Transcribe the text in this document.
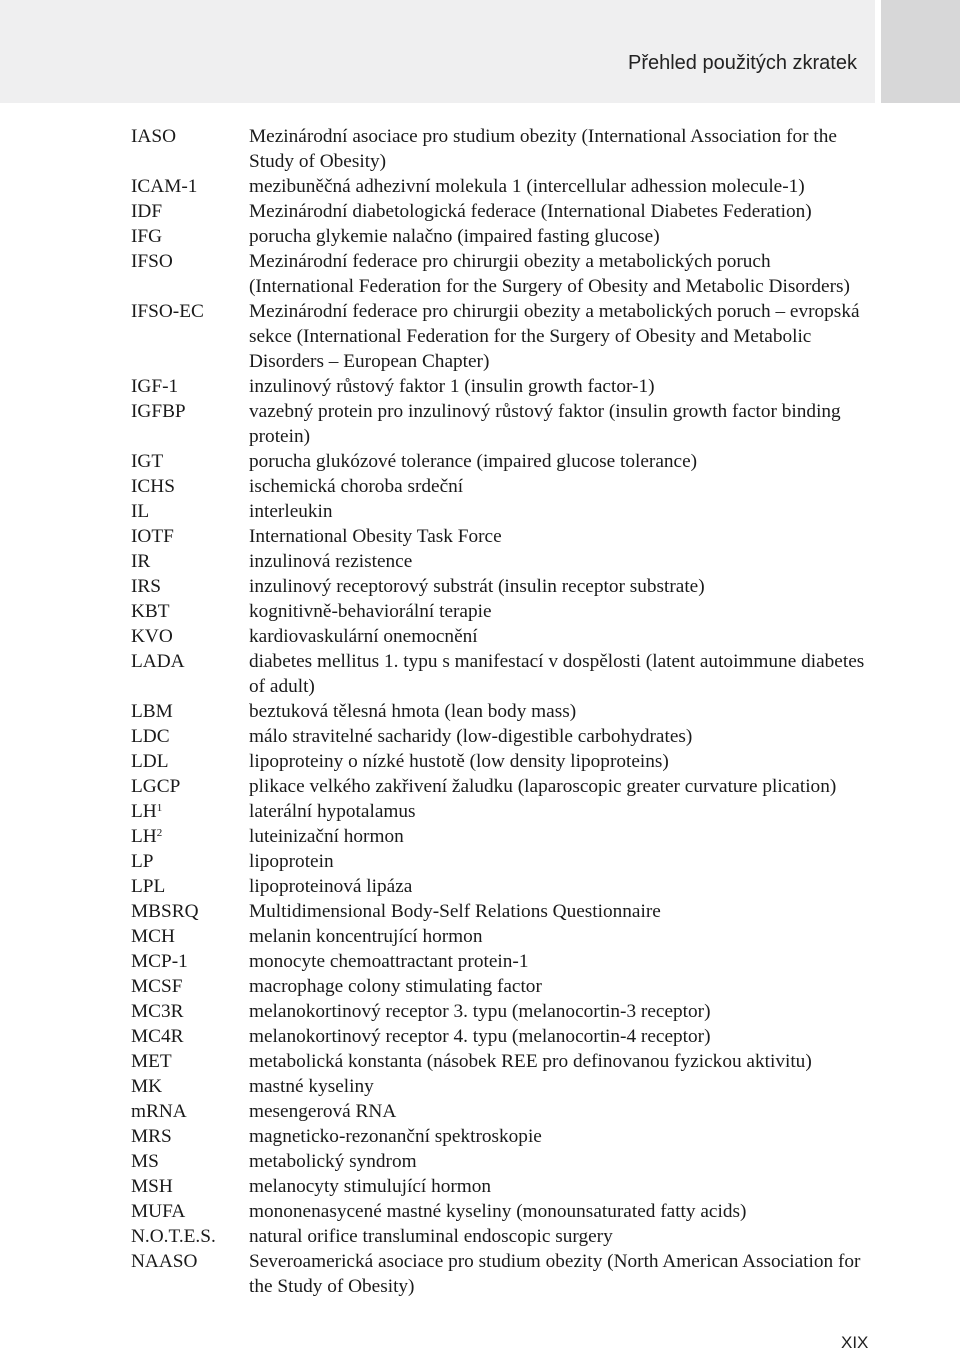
Přehled použitých zkratek
IASO	Mezinárodní asociace pro studium obezity (International Association for the Study of Obesity)
ICAM-1	mezibuněčná adhezivní molekula 1 (intercellular adhession molecule-1)
IDF	Mezinárodní diabetologická federace (International Diabetes Federation)
IFG	porucha glykemie nalačno (impaired fasting glucose)
IFSO	Mezinárodní federace pro chirurgii obezity a metabolických poruch (International Federation for the Surgery of Obesity and Metabolic Disorders)
IFSO-EC	Mezinárodní federace pro chirurgii obezity a metabolických poruch – evropská sekce (International Federation for the Surgery of Obesity and Metabolic Disorders – European Chapter)
IGF-1	inzulinový růstový faktor 1 (insulin growth factor-1)
IGFBP	vazebný protein pro inzulinový růstový faktor (insulin growth factor binding protein)
IGT	porucha glukózové tolerance (impaired glucose tolerance)
ICHS	ischemická choroba srdeční
IL	interleukin
IOTF	International Obesity Task Force
IR	inzulinová rezistence
IRS	inzulinový receptorový substrát (insulin receptor substrate)
KBT	kognitivně-behaviorální terapie
KVO	kardiovaskulární onemocnění
LADA	diabetes mellitus 1. typu s manifestací v dospělosti (latent autoimmune diabetes of adult)
LBM	beztuková tělesná hmota (lean body mass)
LDC	málo stravitelné sacharidy (low-digestible carbohydrates)
LDL	lipoproteiny o nízké hustotě (low density lipoproteins)
LGCP	plikace velkého zakřivení žaludku (laparoscopic greater curvature plication)
$LH^1$	laterální hypotalamus
$LH^2$	luteinizační hormon
LP	lipoprotein
LPL	lipoproteinová lipáza
MBSRQ	Multidimensional Body-Self Relations Questionnaire
MCH	melanin koncentrující hormon
MCP-1	monocyte chemoattractant protein-1
MCSF	macrophage colony stimulating factor
MC3R	melanokortinový receptor 3. typu (melanocortin-3 receptor)
MC4R	melanokortinový receptor 4. typu (melanocortin-4 receptor)
MET	metabolická konstanta (násobek REE pro definovanou fyzickou aktivitu)
MK	mastné kyseliny
mRNA	mesengerová RNA
MRS	magneticko-rezonanční spektroskopie
MS	metabolický syndrom
MSH	melanocyty stimulující hormon
MUFA	mononenasycené mastné kyseliny (monounsaturated fatty acids)
N.O.T.E.S.	natural orifice transluminal endoscopic surgery
NAASO	Severoamerická asociace pro studium obezity (North American Association for the Study of Obesity)
XIX
